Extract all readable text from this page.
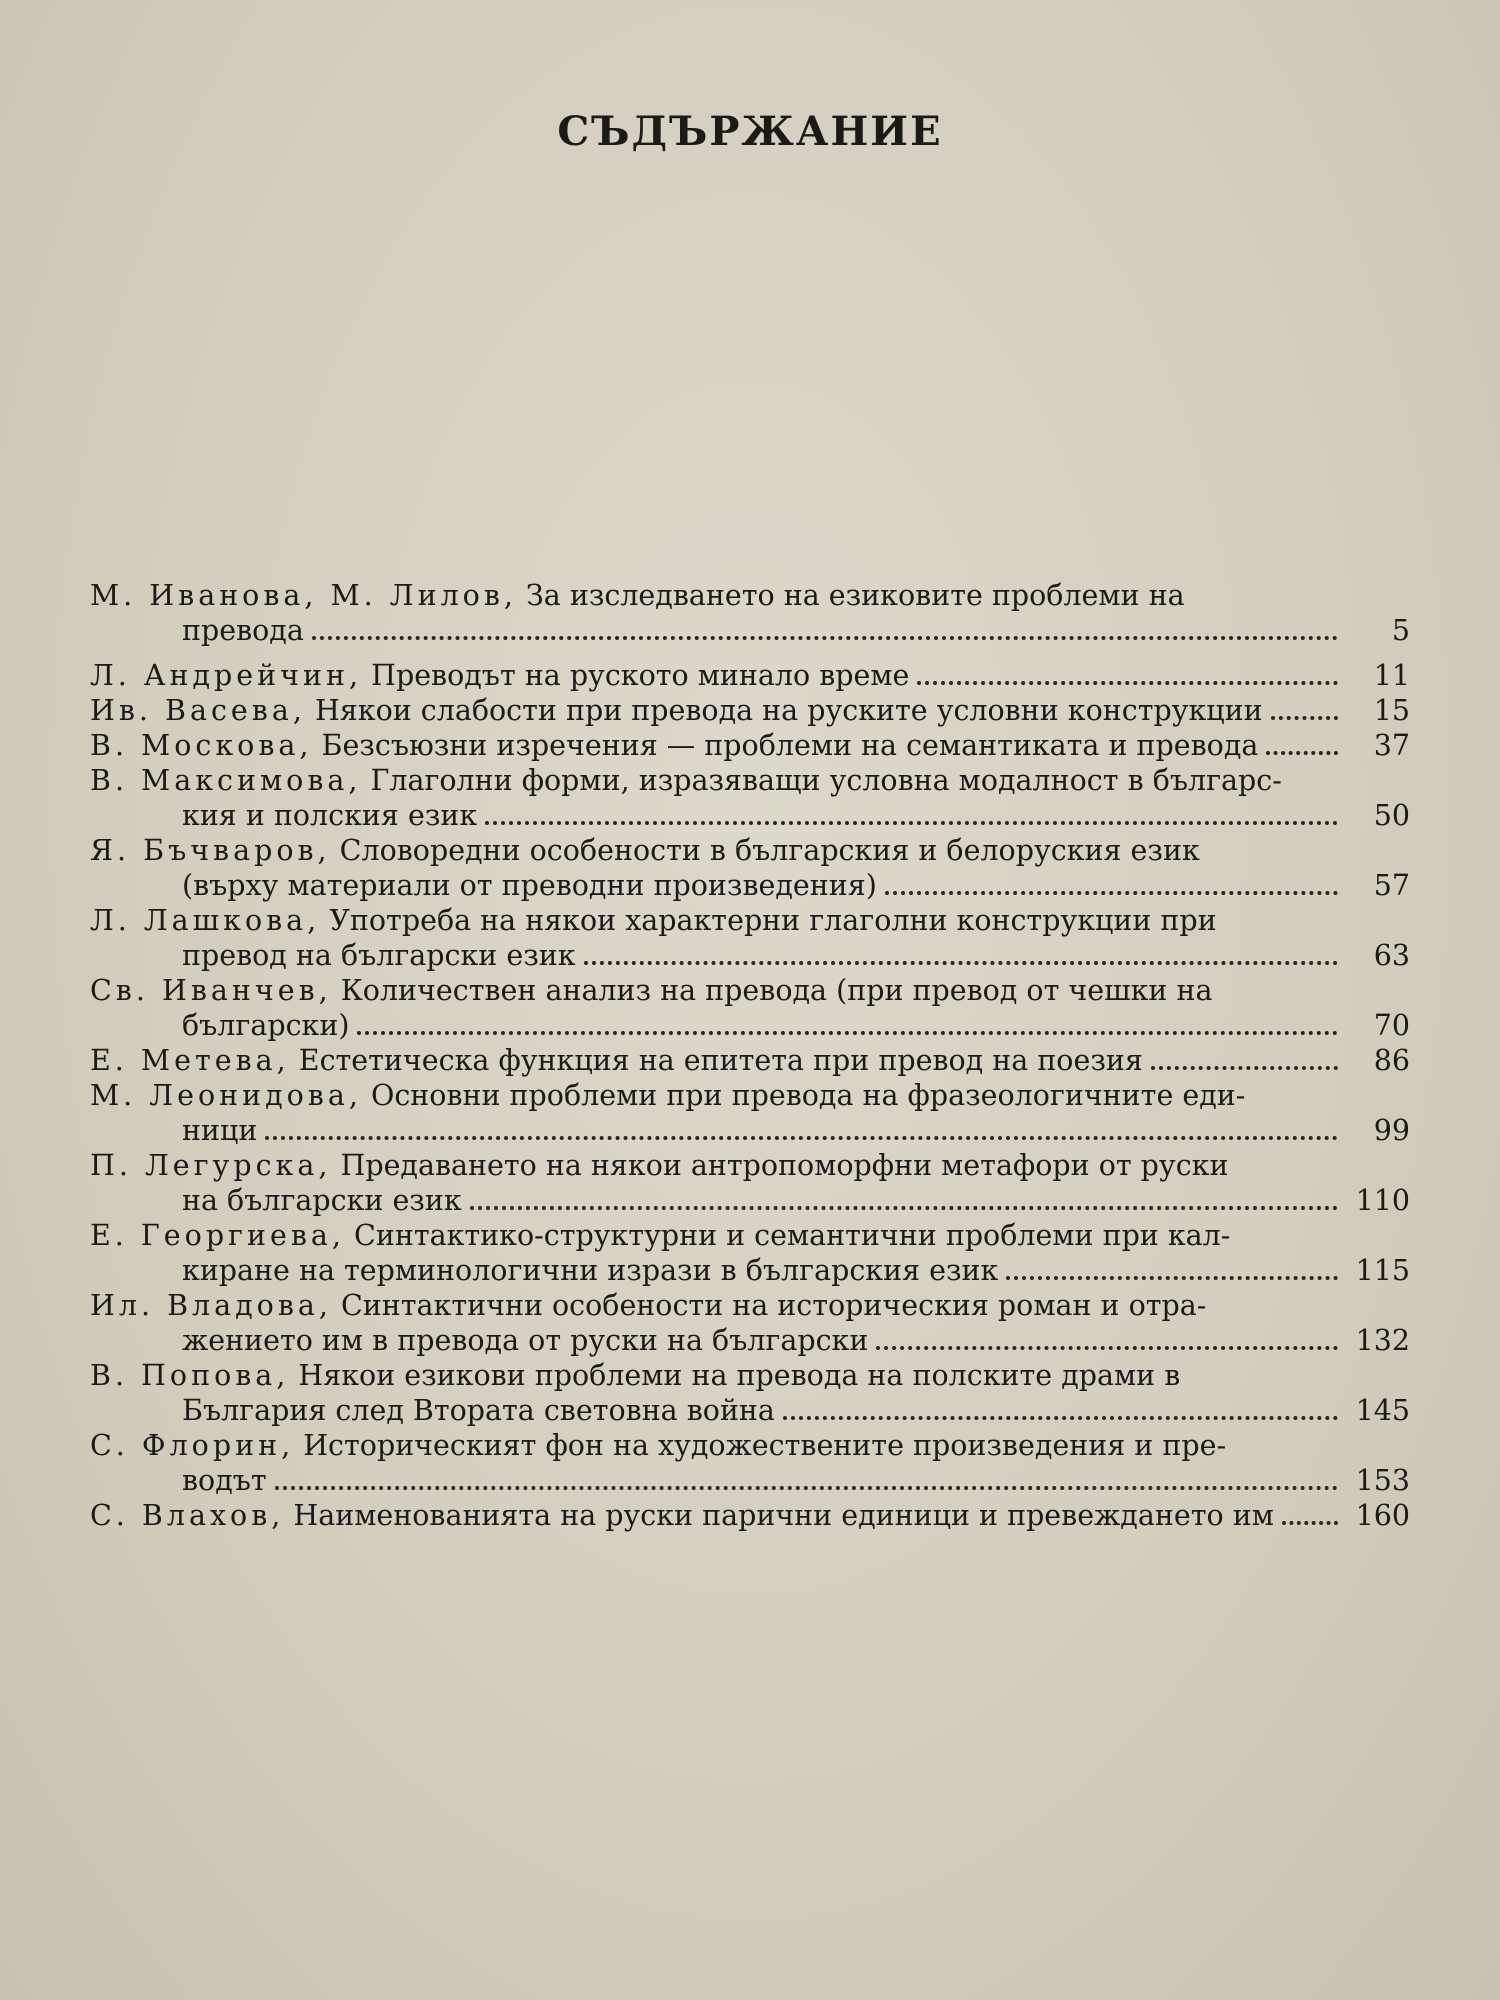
СЪДЪРЖАНИЕ
М. Иванова, М. Лилов, За изследването на езиковите проблеми на
превода	5
Л. Андрейчин, Преводът на руското минало време	11
Ив. Васева, Някои слабости при превода на руските условни конструкции	15
В. Москова, Безсъюзни изречения — проблеми на семантиката и превода	37
В. Максимова, Глаголни форми, изразяващи условна модалност в българс-
кия и полския език	50
Я. Бъчваров, Словоредни особености в българския и белоруския език
(върху материали от преводни произведения)	57
Л. Лашкова, Употреба на някои характерни глаголни конструкции при
превод на български език	63
Св. Иванчев, Количествен анализ на превода (при превод от чешки на
български)	70
Е. Метева, Естетическа функция на епитета при превод на поезия	86
М. Леонидова, Основни проблеми при превода на фразеологичните еди-
ници	99
П. Легурска, Предаването на някои антропоморфни метафори от руски
на български език	110
Е. Георгиева, Синтактико-структурни и семантични проблеми при кал-
киране на терминологични изрази в българския език	115
Ил. Владова, Синтактични особености на историческия роман и отра-
жението им в превода от руски на български	132
В. Попова, Някои езикови проблеми на превода на полските драми в
България след Втората световна война	145
С. Флорин, Историческият фон на художествените произведения и пре-
водът	153
С. Влахов, Наименованията на руски парични единици и превеждането им	160
